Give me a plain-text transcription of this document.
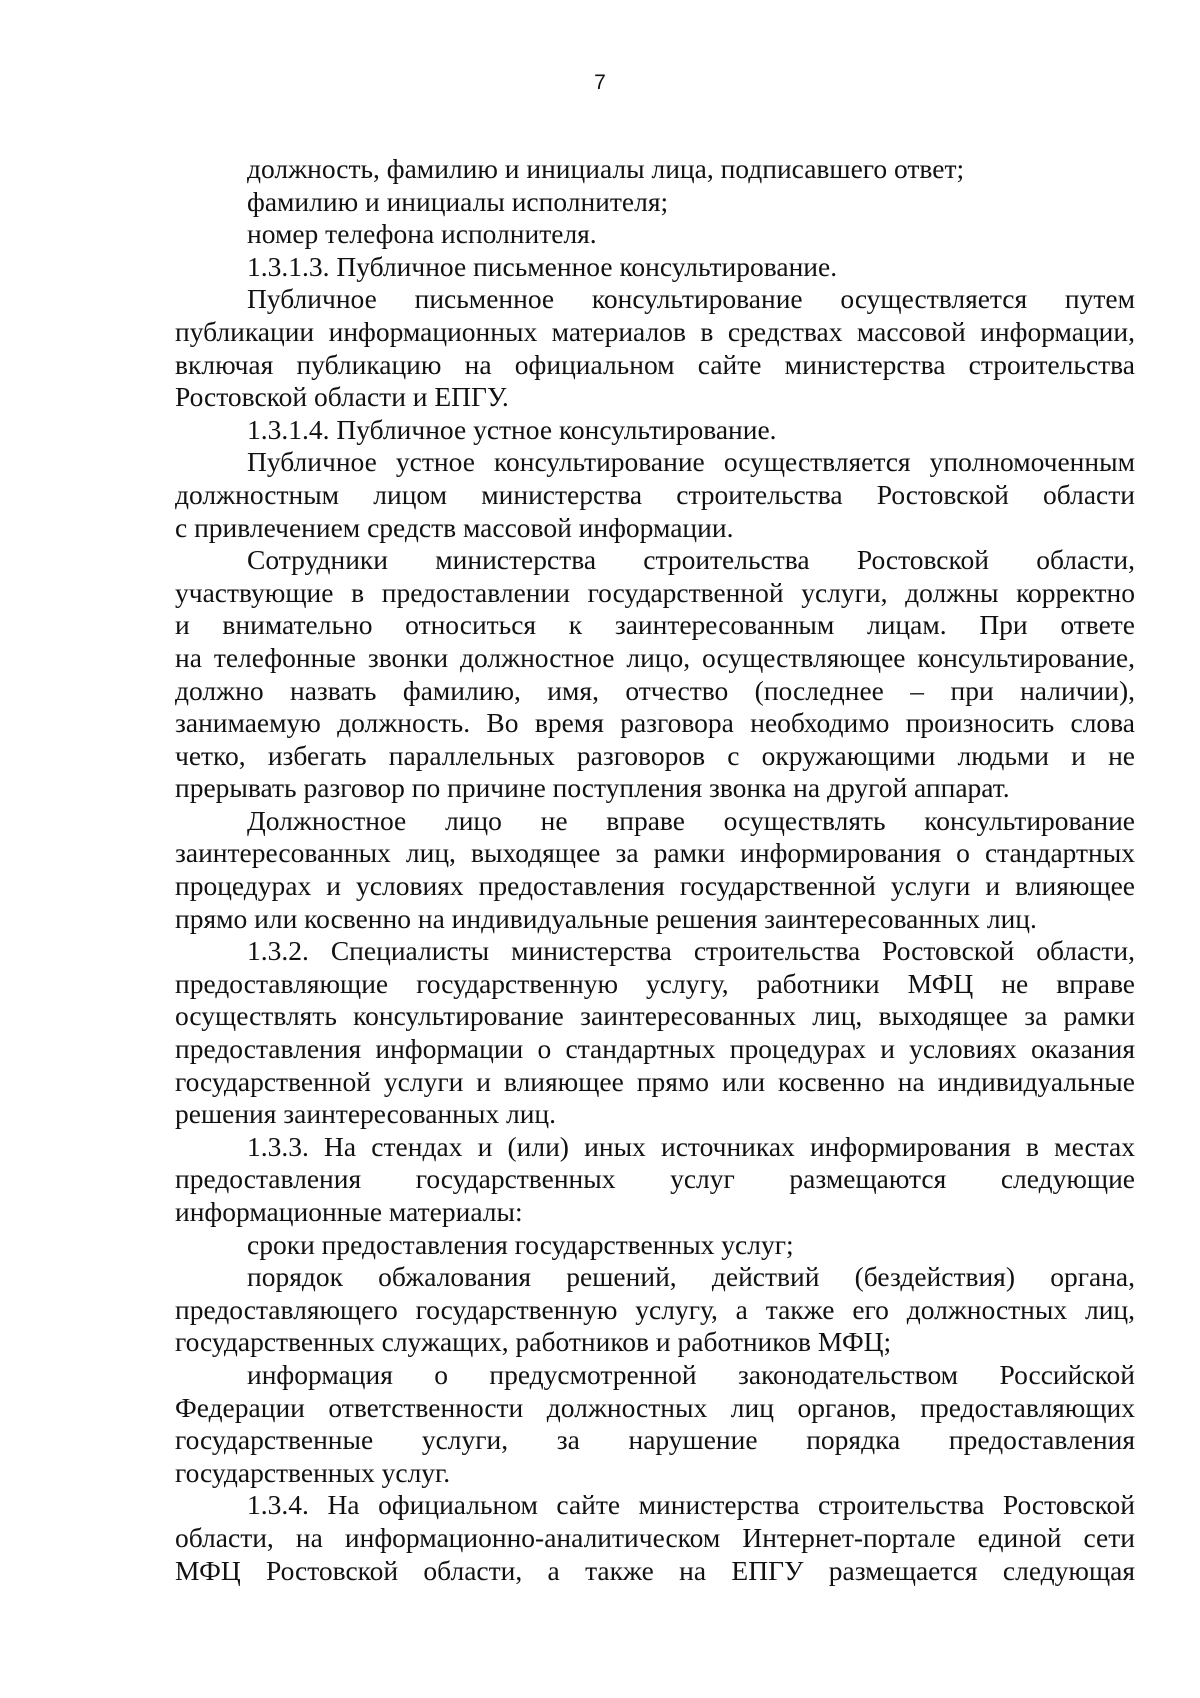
7
должность, фамилию и инициалы лица, подписавшего ответ;
фамилию и инициалы исполнителя;
номер телефона исполнителя.
1.3.1.3. Публичное письменное консультирование.
Публичное письменное консультирование осуществляется путем
публикации информационных материалов в средствах массовой информации,
включая публикацию на официальном сайте министерства строительства
Ростовской области и ЕПГУ.
1.3.1.4. Публичное устное консультирование.
Публичное устное консультирование осуществляется уполномоченным
должностным лицом министерства строительства Ростовской области
с привлечением средств массовой информации.
Сотрудники министерства строительства Ростовской области,
участвующие в предоставлении государственной услуги, должны корректно
и внимательно относиться к заинтересованным лицам. При ответе
на телефонные звонки должностное лицо, осуществляющее консультирование,
должно назвать фамилию, имя, отчество (последнее – при наличии),
занимаемую должность. Во время разговора необходимо произносить слова
четко, избегать параллельных разговоров с окружающими людьми и не
прерывать разговор по причине поступления звонка на другой аппарат.
Должностное лицо не вправе осуществлять консультирование
заинтересованных лиц, выходящее за рамки информирования о стандартных
процедурах и условиях предоставления государственной услуги и влияющее
прямо или косвенно на индивидуальные решения заинтересованных лиц.
1.3.2. Специалисты министерства строительства Ростовской области,
предоставляющие государственную услугу, работники МФЦ не вправе
осуществлять консультирование заинтересованных лиц, выходящее за рамки
предоставления информации о стандартных процедурах и условиях оказания
государственной услуги и влияющее прямо или косвенно на индивидуальные
решения заинтересованных лиц.
1.3.3. На стендах и (или) иных источниках информирования в местах
предоставления государственных услуг размещаются следующие
информационные материалы:
сроки предоставления государственных услуг;
порядок обжалования решений, действий (бездействия) органа,
предоставляющего государственную услугу, а также его должностных лиц,
государственных служащих, работников и работников МФЦ;
информация о предусмотренной законодательством Российской
Федерации ответственности должностных лиц органов, предоставляющих
государственные услуги, за нарушение порядка предоставления
государственных услуг.
1.3.4. На официальном сайте министерства строительства Ростовской
области, на информационно-аналитическом Интернет-портале единой сети
МФЦ Ростовской области, а также на ЕПГУ размещается следующая
